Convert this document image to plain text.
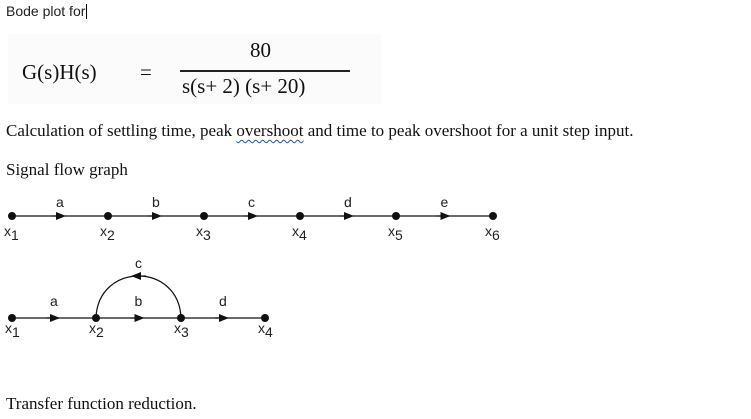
Bode plot for
G(s)H(s) =
80
s(s+ 2) (s+ 20)
Calculation of settling time, peak overshoot and time to peak overshoot for a unit step input.
Signal flow graph
a	b	c	d	e
x1	x2	x3	x4	x5	x6
a	b	d
c
x1	x2	x3	x4
Transfer function reduction.
